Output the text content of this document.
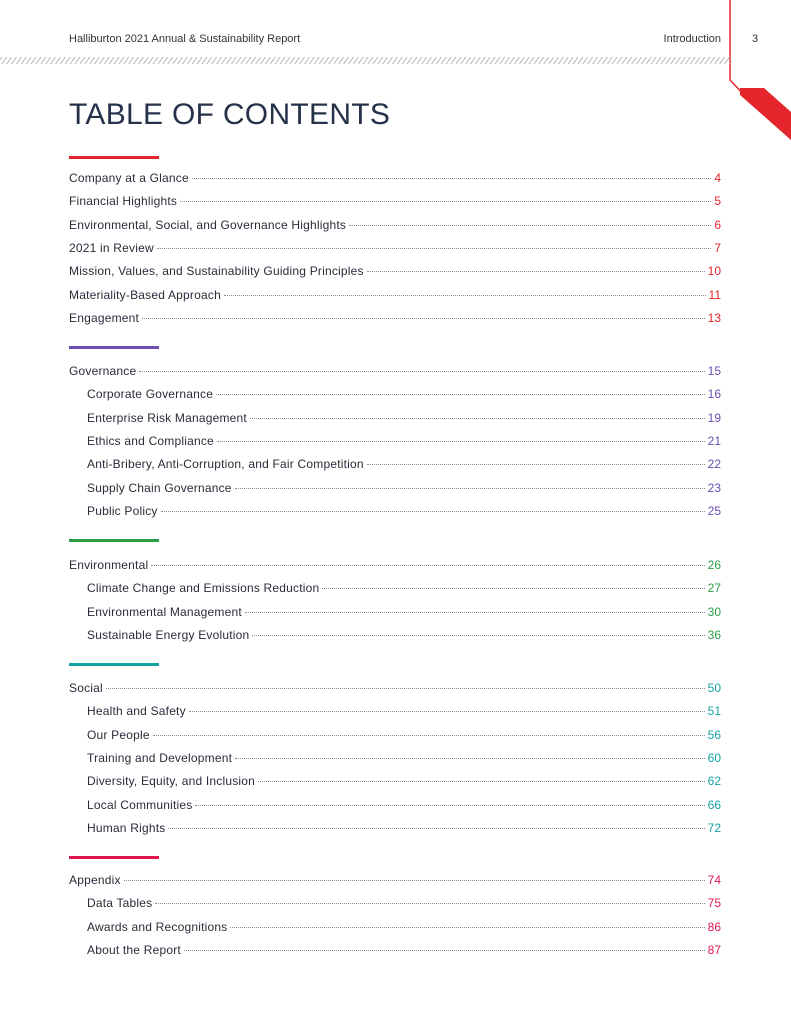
Halliburton 2021 Annual & Sustainability Report	Introduction	3
TABLE OF CONTENTS
Company at a Glance	4
Financial Highlights	5
Environmental, Social, and Governance Highlights	6
2021 in Review	7
Mission, Values, and Sustainability Guiding Principles	10
Materiality-Based Approach	11
Engagement	13
Governance	15
Corporate Governance	16
Enterprise Risk Management	19
Ethics and Compliance	21
Anti-Bribery, Anti-Corruption, and Fair Competition	22
Supply Chain Governance	23
Public Policy	25
Environmental	26
Climate Change and Emissions Reduction	27
Environmental Management	30
Sustainable Energy Evolution	36
Social	50
Health and Safety	51
Our People	56
Training and Development	60
Diversity, Equity, and Inclusion	62
Local Communities	66
Human Rights	72
Appendix	74
Data Tables	75
Awards and Recognitions	86
About the Report	87
